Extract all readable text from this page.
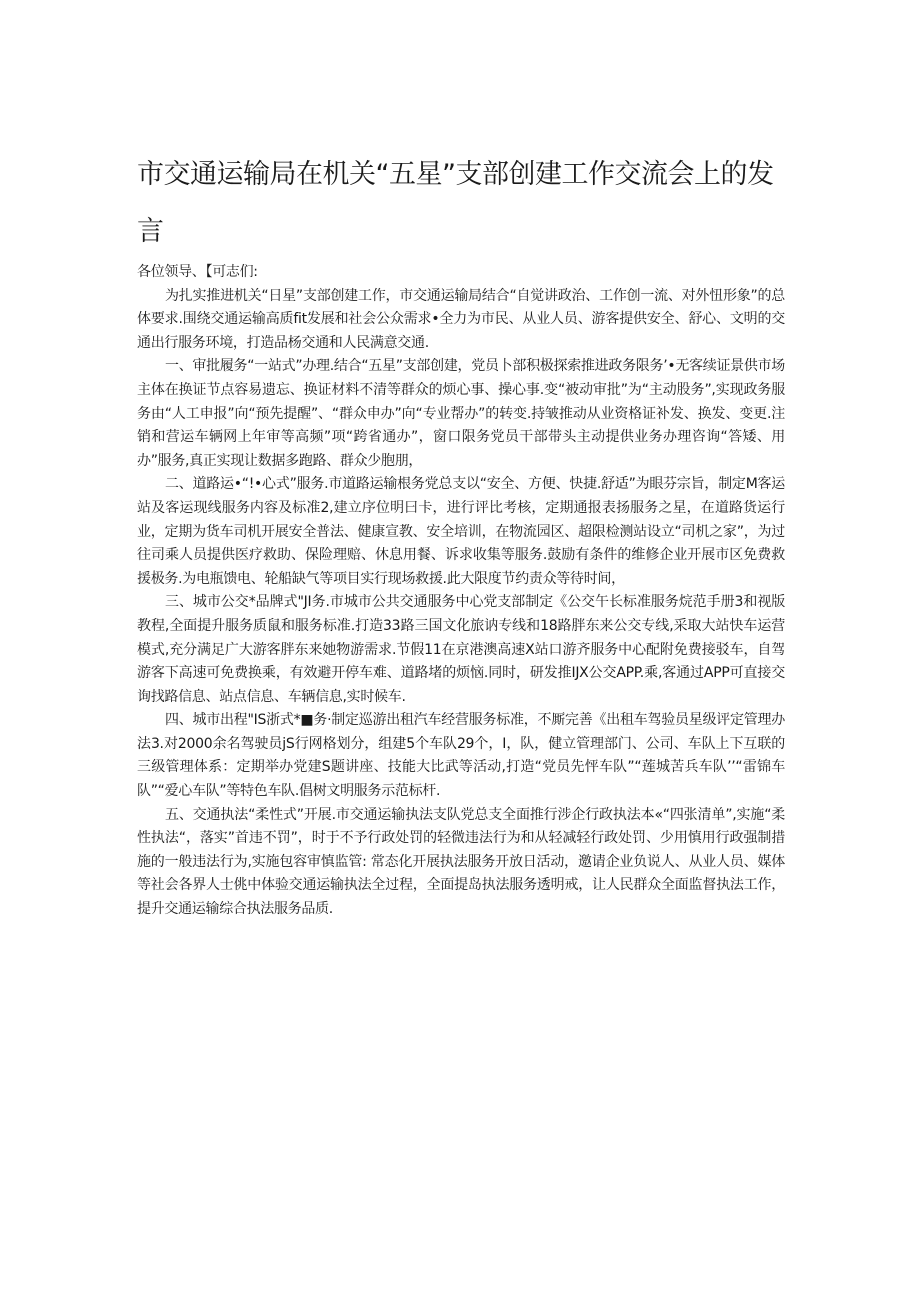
市交通运输局在机关“五星”支部创建工作交流会上的发言

各位领导、【可志们:

为扎实推进机关“日星”支部创建工作，市交通运输局结合“自觉讲政治、工作创一流、对外忸形象”的总体要求.围绕交通运输高质fit发展和社会公众需求•全力为市民、从业人员、游客提供安全、舒心、文明的交通出行服务环境，打造品杨交通和人民满意交通.

一、审批履务“一站式”办理.结合“五星”支部创建，党员卜部积极探索推进政务限务’•无客续证景供市场主体在换证节点容易遗忘、换证材料不清等群众的烦心事、操心事.变“被动审批”为“主动股务”,实现政务服务由“人工申报”向“预先提醒”、“群众申办”向“专业帮办”的转变.持皱推动从业资格证补发、换发、变更.注销和营运车辆网上年审等高频”项“跨省通办”，窗口限务党员干部带头主动提供业务办理咨询“答矮、用办”服务,真正实现让数据多跑路、群众少胞朋，

二、道路运•“!•心式”服务.市道路运输根务党总支以“安全、方便、快捷.舒适”为眼芬宗旨，制定M客运站及客运现线服务内容及标准2,建立序位明曰卡，进行评比考核，定期通报表扬服务之星，在道路货运行业，定期为货车司机开展安全普法、健康宣教、安全培训，在物流园区、超限检测站设立“司机之家”，为过往司乘人员提供医疗救助、保险理赔、休息用餐、诉求收集等服务.鼓励有条件的维修企业开展市区免费救援极务.为电瓶馈电、轮船缺气等项目实行现场救援.此大限度节约责众等待时间，

三、城市公交*品牌式"JI务.市城市公共交通服务中心党支部制定《公交午长标准服务烷范手册3和视版教程,全面提升服务质鼠和服务标准.打造33路三国文化旅讷专线和18路胖东来公交专线,采取大站快车运营模式,充分满足广大游客胖东来她物游需求.节假11在京港澳高速X站口游齐服务中心配附免费接驳车，自驾游客下高速可免费换乘，有效避开停车难、道路堵的烦恼.同时，研发推IJX公交APP.乘,客通过APP可直接交询找路信息、站点信息、车辆信息,实时候车.

四、城市出程"IS浙式*■务·制定巡游出租汽车经营服务标准，不厮完善《出租车驾验员星级评定管理办法3.对2000余名驾驶员jS行网格划分，组建5个车队29个，I，队，健立管理部门、公司、车队上下互联的三级管理体系：定期举办党建S题讲座、技能大比武等活动,打造“党员先怦车队”“莲城苦兵车队’’“雷锦车队”“爱心车队”等特色车队.倡树文明服务示范标杆.

五、交通执法“柔性式”开展.市交通运输执法支队党总支全面推行涉企行政执法本«“四张清单”,实施“柔性执法“，落实”首违不罚”，时于不予行政处罚的轻微违法行为和从轻减轻行政处罚、少用慎用行政强制措施的一般违法行为,实施包容审慎监管: 常态化开展执法服务开放日活动，邀请企业负说人、从业人员、媒体等社会各界人士佻中体验交通运输执法全过程，全面提岛执法服务透明戒，让人民群众全面监督执法工作，提升交通运输综合执法服务品质.
